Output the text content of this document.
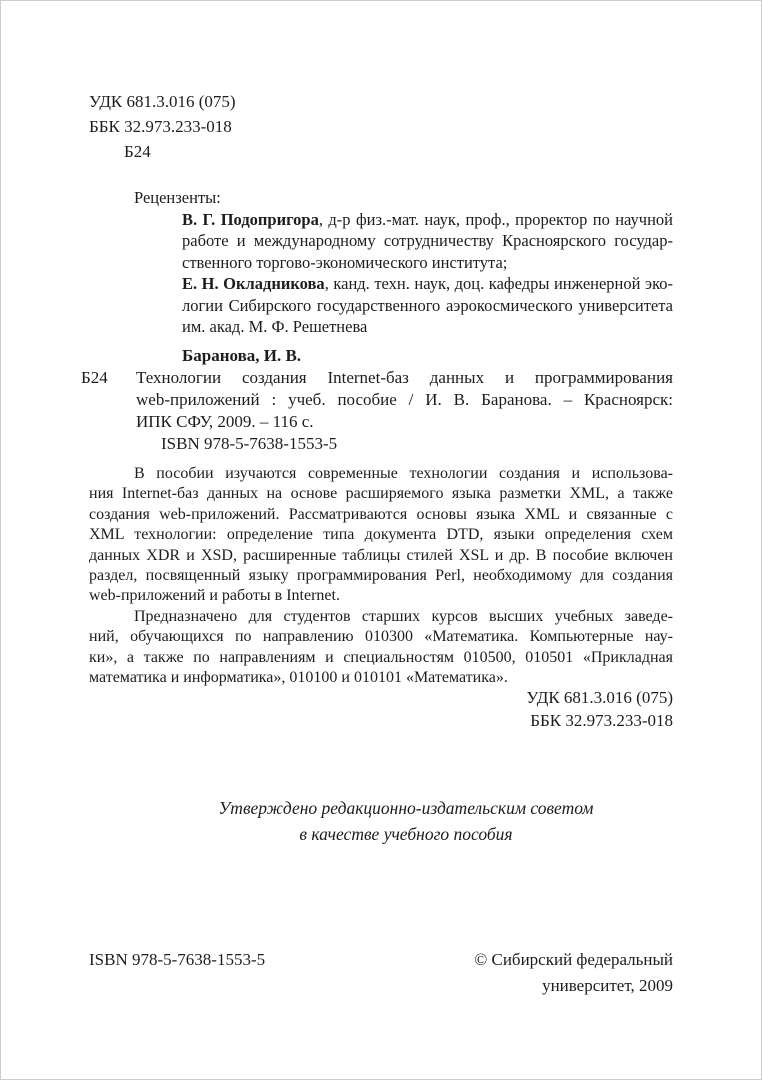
УДК 681.3.016 (075)
ББК 32.973.233-018
Б24
Рецензенты:
В. Г. Подопригора, д-р физ.-мат. наук, проф., проректор по научной
работе и международному сотрудничеству Красноярского государ-
ственного торгово-экономического института;
Е. Н. Окладникова, канд. техн. наук, доц. кафедры инженерной эко-
логии Сибирского государственного аэрокосмического университета
им. акад. М. Ф. Решетнева
Баранова, И. В.
Б24 Технологии создания Internet-баз данных и программирования
web-приложений : учеб. пособие / И. В. Баранова. – Красноярск:
ИПК СФУ, 2009. – 116 с.
ISBN 978-5-7638-1553-5
В пособии изучаются современные технологии создания и использова-
ния Internet-баз данных на основе расширяемого языка разметки XML, а также
создания web-приложений. Рассматриваются основы языка XML и связанные с
XML технологии: определение типа документа DTD, языки определения схем
данных XDR и XSD, расширенные таблицы стилей XSL и др. В пособие включен
раздел, посвященный языку программирования Perl, необходимому для создания
web-приложений и работы в Internet.
Предназначено для студентов старших курсов высших учебных заведе-
ний, обучающихся по направлению 010300 «Математика. Компьютерные нау-
ки», а также по направлениям и специальностям 010500, 010501 «Прикладная
математика и информатика», 010100 и 010101 «Математика».
УДК 681.3.016 (075)
ББК 32.973.233-018
Утверждено редакционно-издательским советом
в качестве учебного пособия
ISBN 978-5-7638-1553-5	© Сибирский федеральный
университет, 2009
